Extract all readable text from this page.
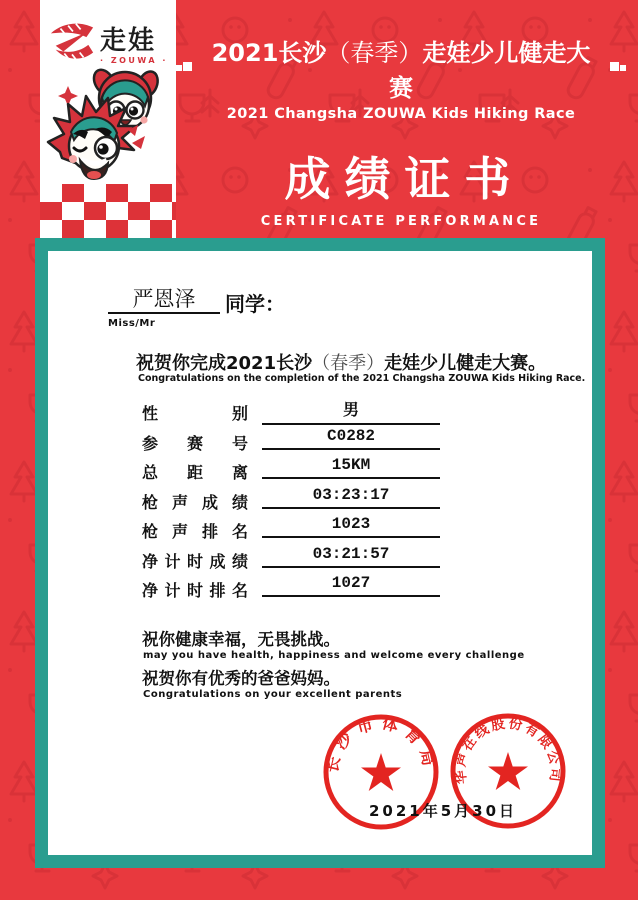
走娃
· ZOUWA ·	2021长沙（春季）走娃少儿健走大赛
2021 Changsha ZOUWA Kids Hiking Race
成绩证书
CERTIFICATE PERFORMANCE
严恩泽	同学：
Miss/Mr
祝贺你完成2021长沙（春季）走娃少儿健走大赛。
Congratulations on the completion of the 2021 Changsha ZOUWA Kids Hiking Race.
性别	男
参赛号	C0282
总距离	15KM
枪声成绩	03:23:17
枪声排名	1023
净计时成绩	03:21:57
净计时排名	1027
祝你健康幸福，无畏挑战。
may you have health, happiness and welcome every challenge
祝贺你有优秀的爸爸妈妈。
Congratulations on your excellent parents
长沙市体育局
华声在线股份有限公司
2021年5月30日
